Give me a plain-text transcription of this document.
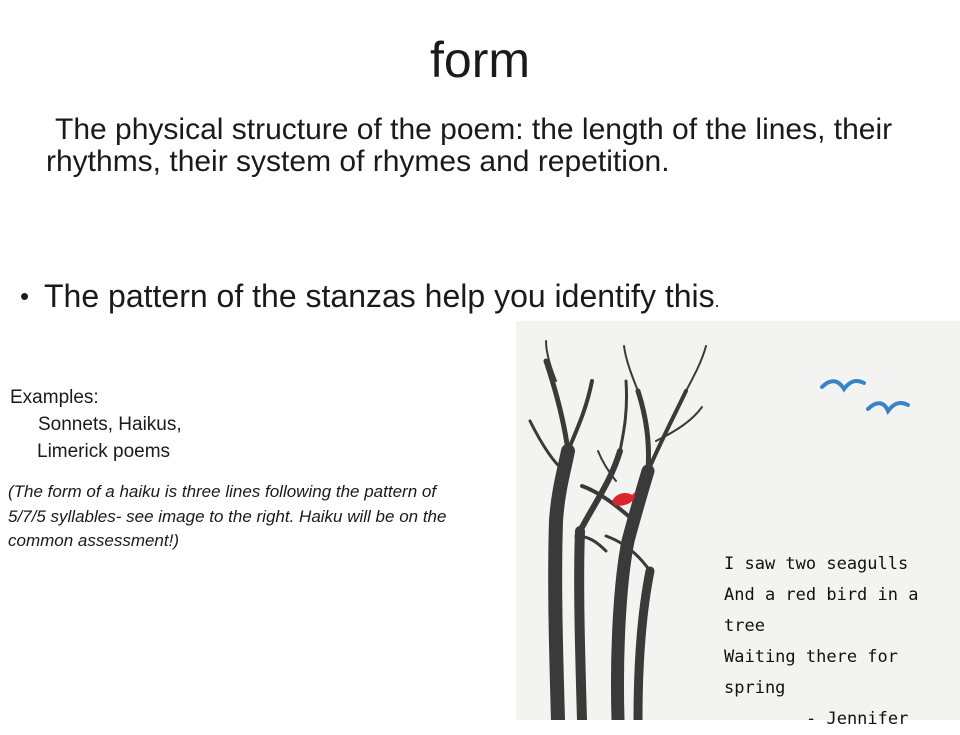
form
The physical structure of the poem: the length of the lines, their rhythms, their system of rhymes and repetition.
•The pattern of the stanzas help you identify this.
Examples:
Sonnets, Haikus,
Limerick poems
(The form of a haiku is three lines following the pattern of 5/7/5 syllables- see image to the right. Haiku will be on the common assessment!)
I saw two seagulls
And a red bird in a tree
Waiting there for spring
- Jennifer
